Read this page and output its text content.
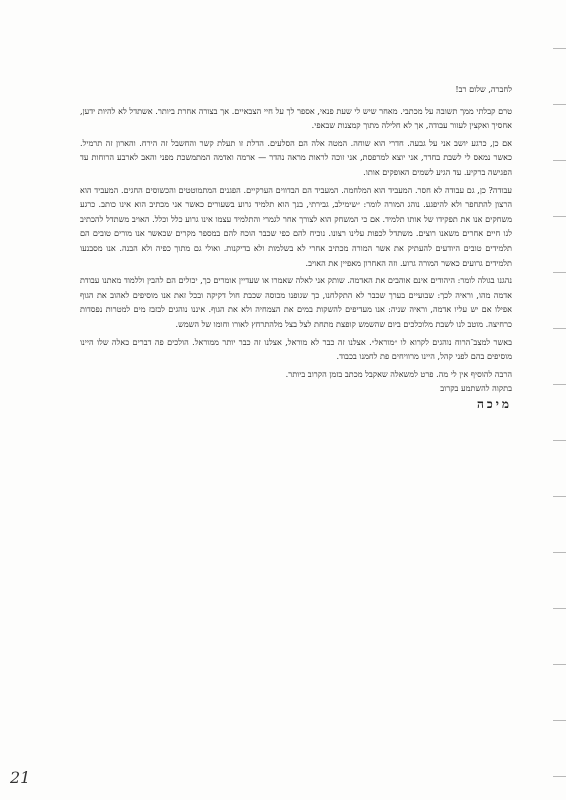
לחברה, שלום רב!

טרם קבלתי ממך תשובה על מכתבי. מאחר שיש לי שעת פנאי, אספר לך על חיי הצבאיים. אך בצורה אחרת ביותר. אשתדל לא להיות ידען, אחסיך ואקצין לעזור עבודה, אך לא חלילה מתוך קמצנות שבאפי.

אם כן, כרגע יושב אני על גבעה. חדרי הוא שוחה. המטה אלה הם הסלעים. הדלת זו תעלת קשר והחשבל זה הירח. והארון זה תרמיל. כאשר נמאס לי לשבת בחדר, אני יוצא למרפסת, אני זוכה לראות מראה נהדר — ארמה ואדמה המתמשכת מפני והאב לארבע הרוחות עד הפגישה ברקיע. עד הגיע לשמים האופקים אותו.

עבודה? כן, גם עבודה לא חסר. המעביד הוא המלחמה. המעביד הם הבדווים הערקיים. הפגנים המתמוטטים והכשוסים החגים. המעביד הוא הרצון להתחפר ולא להיפגע. נוהג המורה לומר: ״שימילב, גבירתי, בנך הוא תלמיד גרוע בשעורים כאשר אני מכתיב הוא אינו כותב. כרגע משחקים אנו את תפקידו של אותו תלמיד. אם כי המשחק הוא לצורך אחר לגמרי והתלמיד עצמו אינו גרוע כלל וכלל. האויב משתדל להכתיב לנו חיים אחרים משאנו רוצים. משתדל לכפות עלינו רצונו. נוכיח להם כפי שכבר הוכח להם במספר מקרים שכאשר אנו מורים טובים הם תלמידים טובים היודעים להעתיק את אשר המורה מכתיב אחרי לא בשלמות ולא בדיקנות. ואולי גם מתוך כפיה ולא הבנה. אנו מסבנעו תלמידים גרועים כאשר המורה גרוע. וזה האחרון מאפיין את האויב.

נהגנו בגולה לומר: היהודים אינם אוהבים את האדמה. שותק אני לאלה שאמרו או שעדיין אומרים כך, יכולים הם להבין וללמוד מאתנו עבודת אדמה מהו, וראיה לכך: שבועיים בערך שכבר לא התקלחנו, כך שגופנו מכוסה שכבת חול דקיקה ובכל זאת אנו מוסיפים לאהוב את הגוף אפילו אם יש עליו אדמה, וראיה שניה: אנו מעדיפים להשקות במים את הצמחיה ולא את הגוף. איננו נוהגים לבזבז מים למטרות נפסדות כרחיצה. מוטב לנו לשבת מלוכלכים ביום שהשמש קופצת מתחת לצל בצל מלהתרחץ לאורו וחומו של השמש.

באשר למצב־הרוח נוהגים לקרוא לו ״מוראל״. אצלנו זה כבר לא מוראל, אצלנו זה כבר יותר ממוראל. הולכים פה דברים כאלה שלו היינו מוסיפים בהם לפני קהל, היינו מרוויחים פת לחמנו בכבוד.

הרבה להוסיף אין לי מה. פרט למשאלה שאקבל מכתב בזמן הקרוב ביותר.

בתקוה להשתמע בקרוב

מיכה

21
